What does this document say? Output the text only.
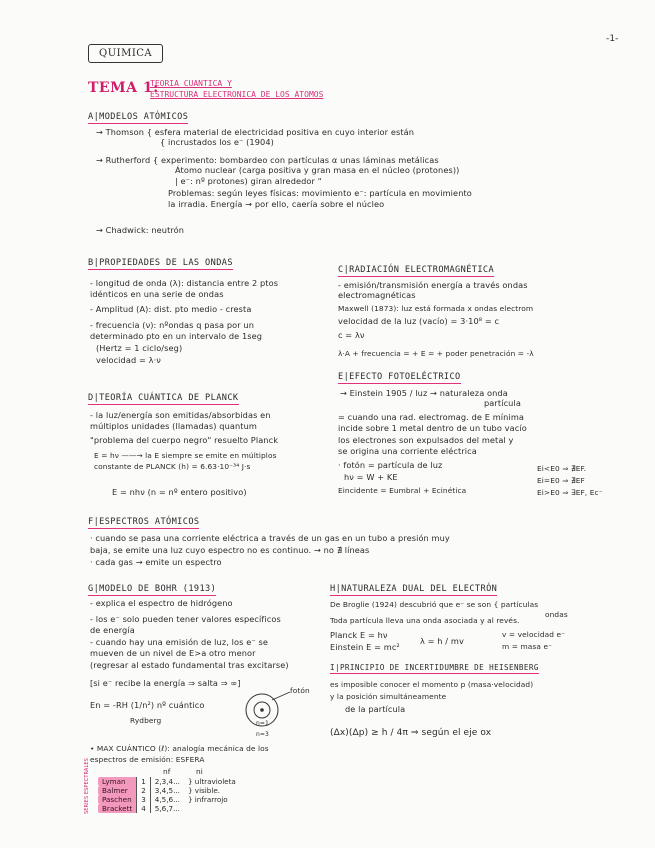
-1-
QUIMICA
TEMA 1:
TEORIA CUANTICA Y
ESTRUCTURA ELECTRONICA DE LOS ATOMOS
A|MODELOS ATÓMICOS
→ Thomson { esfera material de electricidad positiva en cuyo interior están
{ incrustados los e⁻ (1904)
→ Rutherford { experimento: bombardeo con partículas α unas láminas metálicas
Átomo nuclear (carga positiva y gran masa en el núcleo (protones))
| e⁻: nº protones) giran alrededor "
Problemas: según leyes físicas: movimiento e⁻: partícula en movimiento
la irradia. Energía → por ello, caería sobre el núcleo
→ Chadwick: neutrón
B|PROPIEDADES DE LAS ONDAS
- longitud de onda (λ): distancia entre 2 ptos
idénticos en una serie de ondas
- Amplitud (A): dist. pto medio - cresta
- frecuencia (ν): nºondas q pasa por un
determinado pto en un intervalo de 1seg
(Hertz = 1 ciclo/seg)
velocidad = λ·ν
C|RADIACIÓN ELECTROMAGNÉTICA
- emisión/transmisión energía a través ondas
electromagnéticas
Maxwell (1873): luz está formada x ondas electrom
velocidad de la luz (vacío) = 3·10⁸ = c
c = λν
λ·A + frecuencia = + E = + poder penetración = -λ
D|TEORÍA CUÁNTICA DE PLANCK
- la luz/energía son emitidas/absorbidas en
múltiplos unidades (llamadas) quantum
"problema del cuerpo negro" resuelto Planck
E = hν ——→ la E siempre se emite en múltiplos
constante de PLANCK (h) = 6.63·10⁻³⁴ J·s
E = nhν (n = nº entero positivo)
E|EFECTO FOTOELÉCTRICO
→ Einstein 1905 / luz → naturaleza onda
partícula
= cuando una rad. electromag. de E mínima
incide sobre 1 metal dentro de un tubo vacío
los electrones son expulsados del metal y
se origina una corriente eléctrica
· fotón = partícula de luz
hν = W + KE
Eincidente = Eumbral + Ecinética
Ei<E0 ⇒ ∄EF.
Ei=E0 ⇒ ∄EF
Ei>E0 ⇒ ∃EF, Ec⁻
F|ESPECTROS ATÓMICOS
· cuando se pasa una corriente eléctrica a través de un gas en un tubo a presión muy
baja, se emite una luz cuyo espectro no es continuo. → no ∄ líneas
· cada gas → emite un espectro
G|MODELO DE BOHR (1913)
- explica el espectro de hidrógeno
- los e⁻ solo pueden tener valores específicos
de energía
- cuando hay una emisión de luz, los e⁻ se
mueven de un nivel de E>a otro menor
(regresar al estado fundamental tras excitarse)
[si e⁻ recibe la energía ⇒ salta ⇒ ∞]
En = -RH (1/n²) nº cuántico
Rydberg
fotón
n=1
n=3
• MAX CUÁNTICO (ℓ): analogía mecánica de los
espectros de emisión: ESFERA
SERIES ESPECTRALES	nf	ni
Lyman	1	2,3,4...	} ultravioleta
Balmer	2	3,4,5...	} visible.
Paschen	3	4,5,6...	} infrarrojo
Brackett	4	5,6,7...	
H|NATURALEZA DUAL DEL ELECTRÓN
De Broglie (1924) descubrió que e⁻ se son { partículas
ondas
Toda partícula lleva una onda asociada y al revés.
Planck E = hν
Einstein E = mc²
λ = h / mv
v = velocidad e⁻
m = masa e⁻
I|PRINCIPIO DE INCERTIDUMBRE DE HEISENBERG
es imposible conocer el momento p (masa·velocidad)
y la posición simultáneamente
de la partícula
(Δx)(Δp) ≥ h / 4π ⇒ según el eje ox
